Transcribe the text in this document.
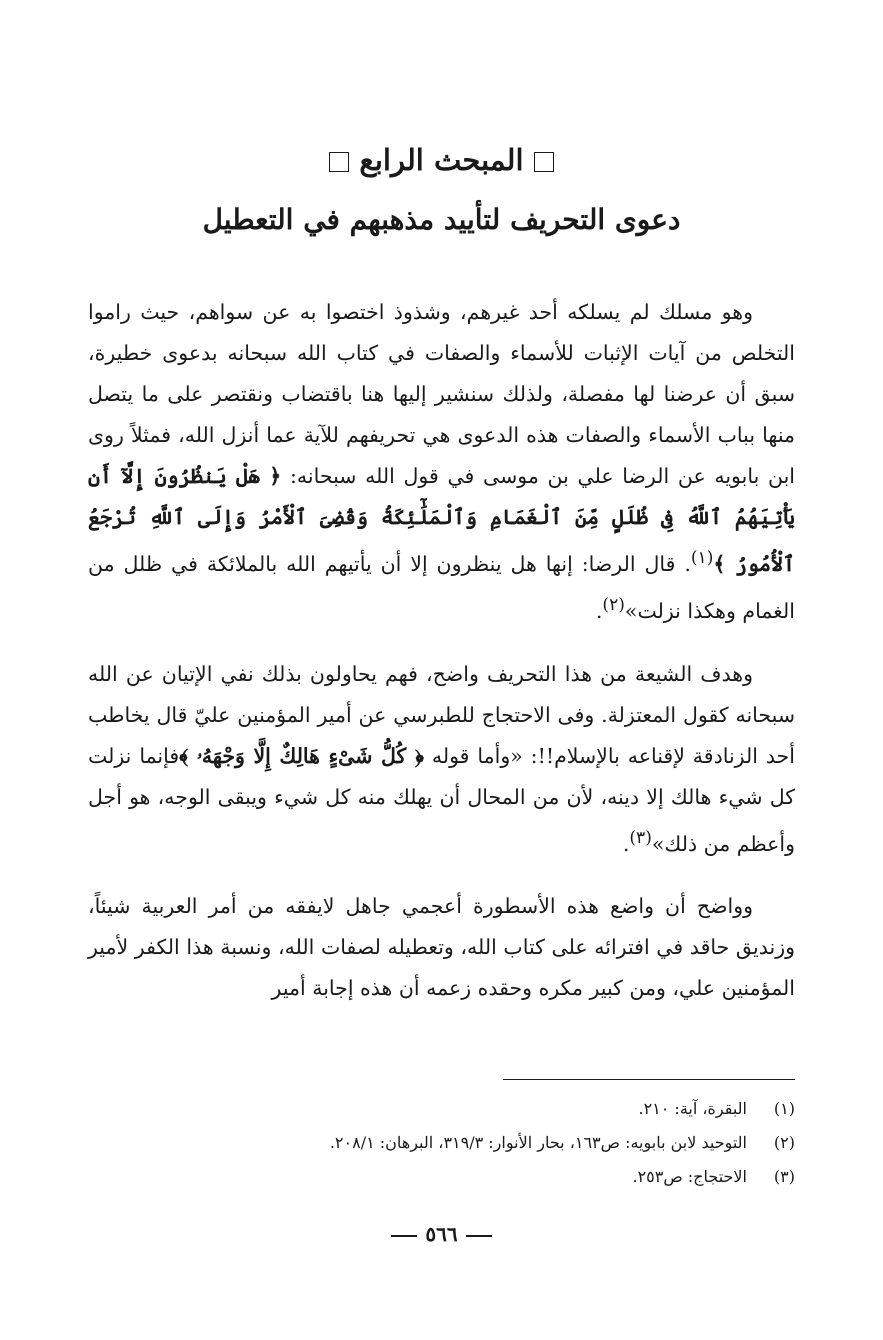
المبحث الرابع
دعوى التحريف لتأييد مذهبهم في التعطيل

وهو مسلك لم يسلكه أحد غيرهم، وشذوذ اختصوا به عن سواهم، حيث راموا التخلص من آيات الإثبات للأسماء والصفات في كتاب الله سبحانه بدعوى خطيرة، سبق أن عرضنا لها مفصلة، ولذلك سنشير إليها هنا باقتضاب ونقتصر على ما يتصل منها بباب الأسماء والصفات هذه الدعوى هي تحريفهم للآية عما أنزل الله، فمثلاً روى ابن بابويه عن الرضا علي بن موسى في قول الله سبحانه: ﴿ هَلْ يَنظُرُونَ إِلَّآ أَن يَأْتِيَهُمُ ٱللَّهُ فِى ظُلَلٍ مِّنَ ٱلْغَمَامِ وَٱلْمَلَٰٓئِكَةُ وَقُضِىَ ٱلْأَمْرُ وَإِلَى ٱللَّهِ تُرْجَعُ ٱلْأُمُورُ ﴾$^{(١)}$. قال الرضا: إنها هل ينظرون إلا أن يأتيهم الله بالملائكة في ظلل من الغمام وهكذا نزلت»$^{(٢)}$.

وهدف الشيعة من هذا التحريف واضح، فهم يحاولون بذلك نفي الإتيان عن الله سبحانه كقول المعتزلة. وفى الاحتجاج للطبرسي عن أمير المؤمنين عليّ قال يخاطب أحد الزنادقة لإقناعه بالإسلام!!: «وأما قوله ﴿ كُلُّ شَىْءٍ هَالِكٌ إِلَّا وَجْهَهُۥ ﴾فإنما نزلت كل شيء هالك إلا دينه، لأن من المحال أن يهلك منه كل شيء ويبقى الوجه، هو أجل وأعظم من ذلك»$^{(٣)}$.

وواضح أن واضع هذه الأسطورة أعجمي جاهل لايفقه من أمر العربية شيئاً، وزنديق حاقد في افترائه على كتاب الله، وتعطيله لصفات الله، ونسبة هذا الكفر لأمير المؤمنين علي، ومن كبير مكره وحقده زعمه أن هذه إجابة أمير

(١)
البقرة، آية: ٢١٠.
(٢)
التوحيد لابن بابويه: ص١٦٣، بحار الأنوار: ٣١٩/٣، البرهان: ٢٠٨/١.
(٣)
الاحتجاج: ص٢٥٣.
٥٦٦
